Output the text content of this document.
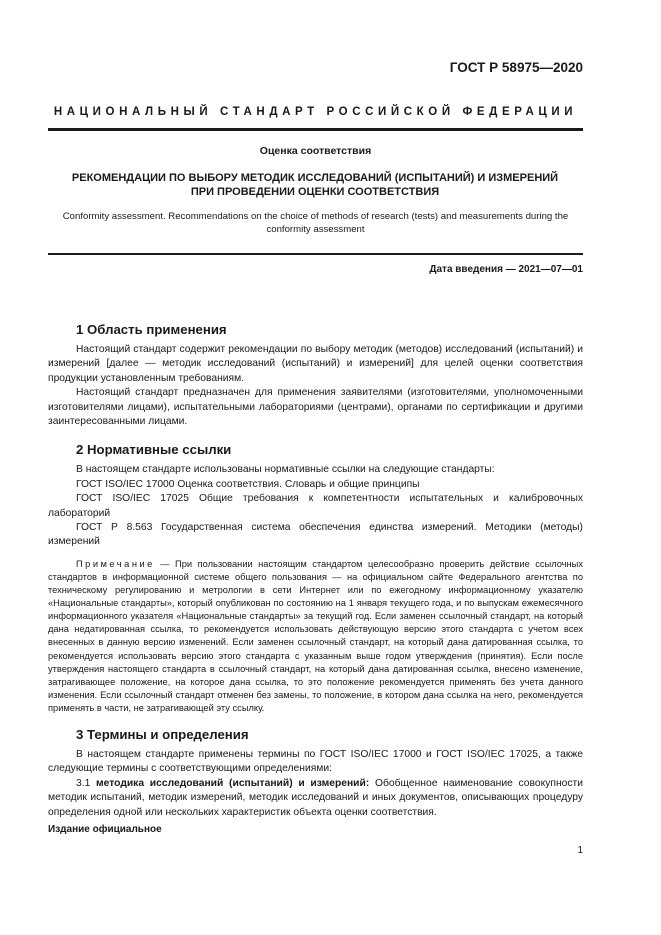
ГОСТ Р 58975—2020
НАЦИОНАЛЬНЫЙ СТАНДАРТ РОССИЙСКОЙ ФЕДЕРАЦИИ
Оценка соответствия
РЕКОМЕНДАЦИИ ПО ВЫБОРУ МЕТОДИК ИССЛЕДОВАНИЙ (ИСПЫТАНИЙ) И ИЗМЕРЕНИЙ
ПРИ ПРОВЕДЕНИИ ОЦЕНКИ СООТВЕТСТВИЯ
Conformity assessment. Recommendations on the choice of methods of research (tests) and measurements during the
conformity assessment
Дата введения — 2021—07—01
1 Область применения

Настоящий стандарт содержит рекомендации по выбору методик (методов) исследований (испытаний) и измерений [далее — методик исследований (испытаний) и измерений] для целей оценки соответствия продукции установленным требованиям.

Настоящий стандарт предназначен для применения заявителями (изготовителями, уполномоченными изготовителями лицами), испытательными лабораториями (центрами), органами по сертификации и другими заинтересованными лицами.

2 Нормативные ссылки

В настоящем стандарте использованы нормативные ссылки на следующие стандарты:

ГОСТ ISO/IEC 17000 Оценка соответствия. Словарь и общие принципы

ГОСТ ISO/IEC 17025 Общие требования к компетентности испытательных и калибровочных лабораторий

ГОСТ Р 8.563 Государственная система обеспечения единства измерений. Методики (методы) измерений

Примечание — При пользовании настоящим стандартом целесообразно проверить действие ссылочных стандартов в информационной системе общего пользования — на официальном сайте Федерального агентства по техническому регулированию и метрологии в сети Интернет или по ежегодному информационному указателю «Национальные стандарты», который опубликован по состоянию на 1 января текущего года, и по выпускам ежемесячного информационного указателя «Национальные стандарты» за текущий год. Если заменен ссылочный стандарт, на который дана недатированная ссылка, то рекомендуется использовать действующую версию этого стандарта с учетом всех внесенных в данную версию изменений. Если заменен ссылочный стандарт, на который дана датированная ссылка, то рекомендуется использовать версию этого стандарта с указанным выше годом утверждения (принятия). Если после утверждения настоящего стандарта в ссылочный стандарт, на который дана датированная ссылка, внесено изменение, затрагивающее положение, на которое дана ссылка, то это положение рекомендуется применять без учета данного изменения. Если ссылочный стандарт отменен без замены, то положение, в котором дана ссылка на него, рекомендуется применять в части, не затрагивающей эту ссылку.

3 Термины и определения

В настоящем стандарте применены термины по ГОСТ ISO/IEC 17000 и ГОСТ ISO/IEC 17025, а также следующие термины с соответствующими определениями:

3.1 методика исследований (испытаний) и измерений: Обобщенное наименование совокупности методик испытаний, методик измерений, методик исследований и иных документов, описывающих процедуру определения одной или нескольких характеристик объекта оценки соответствия.

Издание официальное
1
